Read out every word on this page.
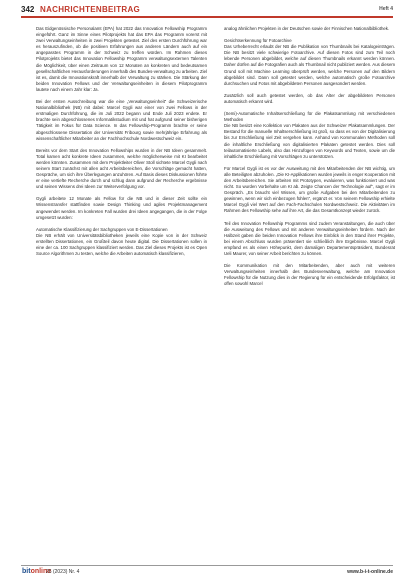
342 NACHRICHTENBEITRAG	Heft 4

Das Eidgenössische Personalamt (EPA) hat 2022 das Innovation Fellowship Programm eingeführt. Ganz im Sinne eines Pilotprojekts hat das EPA das Programm vorerst mit zwei Verwaltungseinheiten in zwei Projekten getestet. Ziel des ersten Durchführung war es herauszufinden, ob die positiven Erfahrungen aus anderen Ländern auch auf ein angepasstes Programm in der Schweiz zu treffen würden. Im Rahmen dieses Pilotprojekts bietet das Innovation Fellowship Programm verwaltungsexternen Talenten die Möglichkeit, über einen Zeitraum von 12 Monaten an konkreten und bedeutsamen gesellschaftlichen Herausforderungen innerhalb des Bundes-verwaltung zu arbeiten. Ziel ist es, damit die Innovationskraft innerhalb der Verwaltung zu stärken. Die Stärkung der beiden Innovation Fellows und der Verwaltungseinheiten in diesem Pilotprogramm lautete nach einem Jahr klar: Ja.

Bei der ersten Ausschreibung war die eine „Verwaltungseinheit“ die Schweizerische Nationalbibliothek (NB) mit dabei: Marcel Gygli war einer von zwei Fellows in der erstmaligen Durchführung, die im Juli 2022 begann und Ende Juli 2023 endete. Er brachte sein abgeschlossenes Informatikstudium mit und hat aufgrund seiner bisherigen Tätigkeit im Fokus für Data Science. In das Fellowship-Programm brachte er seine abgeschlossene Dissertation der Universität Fribourg sowie mehrjährige Erfahrung als wissenschaftlicher Mitarbeiter an der Fachhochschule Nordwestschweiz ein.

Bereits vor dem Start des Innovation Fellowships wurden in der NB Ideen gesammelt. Total kamen acht konkrete Ideen zusammen, welche möglicherweise mit KI bearbeitet werden könnten. Zusammen mit dem Projektleiter Oliver Stoll sichtete Marcel Gygli nach seinem Start zunächst mit allen acht Arbeitsbereichen, die Vorschläge gemacht hatten, Gespräche, um sich ihre Überlegungen anzuhören. Auf Basis dieses Diskussionen führte er eine vertiefte Recherche durch und schlug dann aufgrund der Recherche ergebnisse und seinen Wissens drei Ideen zur Weiterverfolgung vor.

Gygli arbeitete 12 Monate als Fellow für die NB und in dieser Zeit sollte ein Wissenstransfer stattfinden sowie Design Thinking und agiles Projektmanagement angewendet werden. Im konkreten Fall wurden drei Ideen angegangen, die in der Folge umgesetzt wurden:

Automatische Klassifizierung der Sachgruppen von E-Dissertationen

Die NB erhält von Universitätsbibliotheken jeweils eine Kopie von in der Schweiz erstellten Dissertationen, ein Großteil davon heute digital. Die Dissertationen sollen in eine der ca. 100 Sachgruppen klassifiziert werden. Das Ziel dieses Projekts ist es Open Source Algorithmen zu testen, welche die Arbeiten automatisch klassifizieren,

analog ähnlichen Projekten in der Deutschen sowie der Finnischen Nationalbibliothek.

Gesichtserkennung für Fotoarchive

Das Urheberrecht erlaubt der NB die Publikation von Thumbnails bei Katalogeinträgen. Die NB besitzt viele schwierige Fotoarchive. Auf diesen Fotos sind zum Teil noch lebende Personen abgebildet, welche auf diesen Thumbnails erkannt werden können. Daher dürfen auf die Fotografien auch als Thumbnail nicht publiziert werden. Aus diesem Grund soll mit Machine Learning überprüft werden, welche Personen auf den Bildern abgebildet sind. Dann soll getestet werden, welche automatisch große Fotoarchive durchsuchen und Fotos mit abgebildeten Personen ausgesondert werden.

Zusätzlich soll auch getestet werden, ob das Alter der abgebildeten Personen automatisch erkannt wird.

(Semi)-Automatische Inhaltserschließung für die Plakatsammlung mit verschiedenen Methoden

Die NB besitzt eine Kollektion von Plakaten aus der Schweizer Plakatsammlungen. Der Bestand für die manuelle Inhaltserschließung ist groß, so dass es von der Digitalisierung bis zur Erschließung viel Zeit vergehen kann. Anhand von Kommunalen Methoden soll die inhaltliche Erschließung von digitalisierten Plakaten getestet werden. Dies soll teilautomatisierte Labels, also das Hinzufügen von Keywords und Texten, sowie um die inhaltliche Erschließung mit Vorschlägen zu unterstützen.

Für Marcel Gygli ist es vor der Ausweitung mit den Mitarbeitenden der NB wichtig, um alle Beteiligten abzuholen. „Die KI-Applikationen wurden jeweils in enger Kooperation mit den Arbeitsbereichen. Sie arbeiten mit Prototypen, evaluieren, was funktioniert und was nicht. So wurden Vorbehalte um KI ab. Zeigte Chancen der Technologie auf“, sagt er im Gespräch. „Es braucht viel Wissen, um große Aufgaben bei den Mitarbeitenden zu gewinnen, wenn wir sich einbezogen fühlen“, ergänzt er. Von seinem Fellowship erhielte Marcel Gygli viel Wert auf den Fach-Fachschulen Nordwestschweiz. Die Aktivitäten im Rahmen des Fellowship sehe auf ihre Art, die das Gesamtkonzept wieder zurück.

Teil des Innovation Fellowship Programms sind zudem Veranstaltungen, die auch über die Ausweitung des Fellows und mit anderen Verwaltungseinheiten fördern. Nach der Halbzeit gaben die beiden Innovation Fellows ihre Einblick in den Stand ihrer Projekte, bei einem Abschluss wurden präsentiert sie schließlich ihre Ergebnisse. Marcel Gygli empfand es als einen Höhepunkt, dem damaligen Departementspräsident, Bundesrat Ueli Maurer, von seiner Arbeit berichten zu können.

Die Kommunikation mit den Mitarbeitenden, aber auch mit weiteren Verwaltungseinheiten innerhalb des Bundesverwaltung, welche am Innovation Fellowship für die Nutzung dies in der Regierung für ein entscheidende Erfolgsfaktor, ist offen sowohl Marcel

bitonline
26 (2023) Nr. 4	www.b-i-t-online.de
